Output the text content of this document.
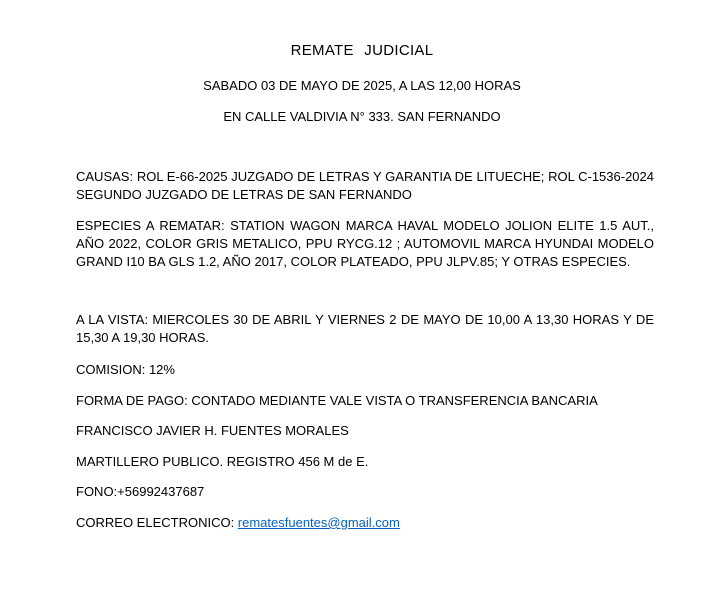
REMATE JUDICIAL
SABADO 03 DE MAYO DE 2025, A LAS 12,00 HORAS
EN CALLE VALDIVIA N° 333. SAN FERNANDO

CAUSAS: ROL E-66-2025 JUZGADO DE LETRAS Y GARANTIA DE LITUECHE; ROL C-1536-2024 SEGUNDO JUZGADO DE LETRAS DE SAN FERNANDO

ESPECIES A REMATAR: STATION WAGON MARCA HAVAL MODELO JOLION ELITE 1.5 AUT., AÑO 2022, COLOR GRIS METALICO, PPU RYCG.12 ; AUTOMOVIL MARCA HYUNDAI MODELO GRAND I10 BA GLS 1.2, AÑO 2017, COLOR PLATEADO, PPU JLPV.85; Y OTRAS ESPECIES.

A LA VISTA: MIERCOLES 30 DE ABRIL Y VIERNES 2 DE MAYO DE 10,00 A 13,30 HORAS Y DE 15,30 A 19,30 HORAS.

COMISION: 12%

FORMA DE PAGO: CONTADO MEDIANTE VALE VISTA O TRANSFERENCIA BANCARIA

FRANCISCO JAVIER H. FUENTES MORALES

MARTILLERO PUBLICO. REGISTRO 456 M de E.

FONO:+56992437687

CORREO ELECTRONICO: rematesfuentes@gmail.com
